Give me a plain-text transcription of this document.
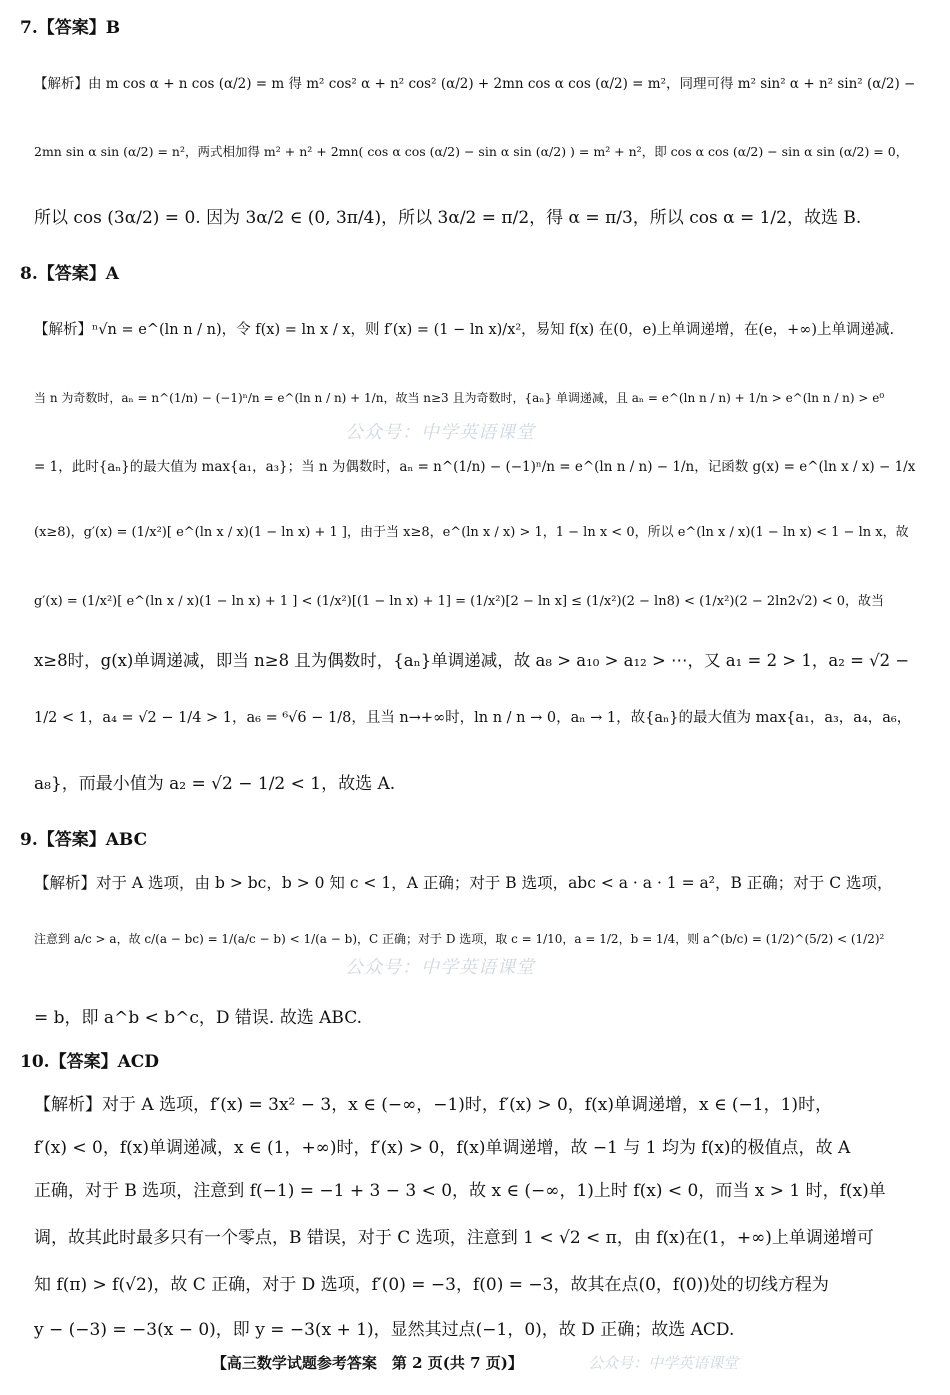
7.【答案】B
【解析】由 m cos α + n cos (α/2) = m 得 m² cos² α + n² cos² (α/2) + 2mn cos α cos (α/2) = m²，同理可得 m² sin² α + n² sin² (α/2) −
2mn sin α sin (α/2) = n²，两式相加得 m² + n² + 2mn( cos α cos (α/2) − sin α sin (α/2) ) = m² + n²，即 cos α cos (α/2) − sin α sin (α/2) = 0，
所以 cos (3α/2) = 0. 因为 3α/2 ∈ (0, 3π/4)，所以 3α/2 = π/2，得 α = π/3，所以 cos α = 1/2，故选 B.
8.【答案】A
【解析】ⁿ√n = e^(ln n / n)，令 f(x) = ln x / x，则 f′(x) = (1 − ln x)/x²，易知 f(x) 在(0，e)上单调递增，在(e，+∞)上单调递减.
当 n 为奇数时，aₙ = n^(1/n) − (−1)ⁿ/n = e^(ln n / n) + 1/n，故当 n≥3 且为奇数时，{aₙ} 单调递减，且 aₙ = e^(ln n / n) + 1/n > e^(ln n / n) > e⁰
= 1，此时{aₙ}的最大值为 max{a₁，a₃}；当 n 为偶数时，aₙ = n^(1/n) − (−1)ⁿ/n = e^(ln n / n) − 1/n，记函数 g(x) = e^(ln x / x) − 1/x
(x≥8)，g′(x) = (1/x²)[ e^(ln x / x)(1 − ln x) + 1 ]，由于当 x≥8，e^(ln x / x) > 1，1 − ln x < 0，所以 e^(ln x / x)(1 − ln x) < 1 − ln x，故
g′(x) = (1/x²)[ e^(ln x / x)(1 − ln x) + 1 ] < (1/x²)[(1 − ln x) + 1] = (1/x²)[2 − ln x] ≤ (1/x²)(2 − ln8) < (1/x²)(2 − 2ln2√2) < 0，故当
x≥8时，g(x)单调递减，即当 n≥8 且为偶数时，{aₙ}单调递减，故 a₈ > a₁₀ > a₁₂ > ⋯，又 a₁ = 2 > 1，a₂ = √2 −
1/2 < 1，a₄ = √2 − 1/4 > 1，a₆ = ⁶√6 − 1/8，且当 n→+∞时，ln n / n → 0，aₙ → 1，故{aₙ}的最大值为 max{a₁，a₃，a₄，a₆，
a₈}，而最小值为 a₂ = √2 − 1/2 < 1，故选 A.
9.【答案】ABC
【解析】对于 A 选项，由 b > bc，b > 0 知 c < 1，A 正确；对于 B 选项，abc < a · a · 1 = a²，B 正确；对于 C 选项，
注意到 a/c > a，故 c/(a − bc) = 1/(a/c − b) < 1/(a − b)，C 正确；对于 D 选项，取 c = 1/10，a = 1/2，b = 1/4，则 a^(b/c) = (1/2)^(5/2) < (1/2)²
= b，即 a^b < b^c，D 错误. 故选 ABC.
10.【答案】ACD
【解析】对于 A 选项，f′(x) = 3x² − 3，x ∈ (−∞，−1)时，f′(x) > 0，f(x)单调递增，x ∈ (−1，1)时，
f′(x) < 0，f(x)单调递减，x ∈ (1，+∞)时，f′(x) > 0，f(x)单调递增，故 −1 与 1 均为 f(x)的极值点，故 A
正确，对于 B 选项，注意到 f(−1) = −1 + 3 − 3 < 0，故 x ∈ (−∞，1)上时 f(x) < 0，而当 x > 1 时，f(x)单
调，故其此时最多只有一个零点，B 错误，对于 C 选项，注意到 1 < √2 < π，由 f(x)在(1，+∞)上单调递增可
知 f(π) > f(√2)，故 C 正确，对于 D 选项，f′(0) = −3，f(0) = −3，故其在点(0，f(0))处的切线方程为
y − (−3) = −3(x − 0)，即 y = −3(x + 1)，显然其过点(−1，0)，故 D 正确；故选 ACD.
公众号：中学英语课堂
公众号：中学英语课堂
【高三数学试题参考答案　第 2 页(共 7 页)】	公众号：中学英语课堂
